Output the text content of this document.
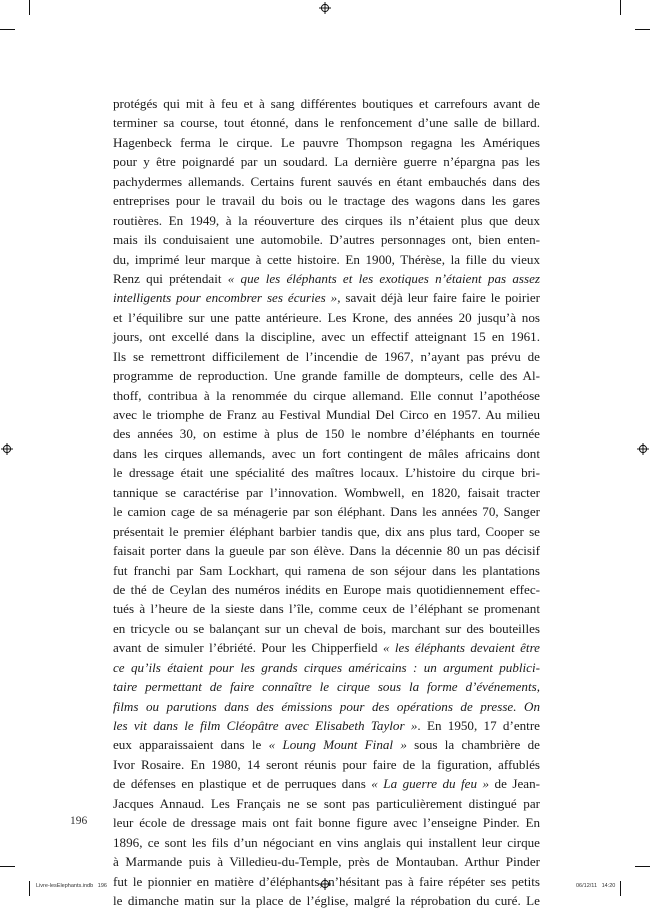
protégés qui mit à feu et à sang différentes boutiques et carrefours avant de
terminer sa course, tout étonné, dans le renfoncement d’une salle de billard.
Hagenbeck ferma le cirque. Le pauvre Thompson regagna les Amériques
pour y être poignardé par un soudard. La dernière guerre n’épargna pas les
pachydermes allemands. Certains furent sauvés en étant embauchés dans des
entreprises pour le travail du bois ou le tractage des wagons dans les gares
routières. En 1949, à la réouverture des cirques ils n’étaient plus que deux
mais ils conduisaient une automobile. D’autres personnages ont, bien enten-
du, imprimé leur marque à cette histoire. En 1900, Thérèse, la fille du vieux
Renz qui prétendait « que les éléphants et les exotiques n’étaient pas assez
intelligents pour encombrer ses écuries », savait déjà leur faire faire le poirier
et l’équilibre sur une patte antérieure. Les Krone, des années 20 jusqu’à nos
jours, ont excellé dans la discipline, avec un effectif atteignant 15 en 1961.
Ils se remettront difficilement de l’incendie de 1967, n’ayant pas prévu de
programme de reproduction. Une grande famille de dompteurs, celle des Al-
thoff, contribua à la renommée du cirque allemand. Elle connut l’apothéose
avec le triomphe de Franz au Festival Mundial Del Circo en 1957. Au milieu
des années 30, on estime à plus de 150 le nombre d’éléphants en tournée
dans les cirques allemands, avec un fort contingent de mâles africains dont
le dressage était une spécialité des maîtres locaux. L’histoire du cirque bri-
tannique se caractérise par l’innovation. Wombwell, en 1820, faisait tracter
le camion cage de sa ménagerie par son éléphant. Dans les années 70, Sanger
présentait le premier éléphant barbier tandis que, dix ans plus tard, Cooper se
faisait porter dans la gueule par son élève. Dans la décennie 80 un pas décisif
fut franchi par Sam Lockhart, qui ramena de son séjour dans les plantations
de thé de Ceylan des numéros inédits en Europe mais quotidiennement effec-
tués à l’heure de la sieste dans l’île, comme ceux de l’éléphant se promenant
en tricycle ou se balançant sur un cheval de bois, marchant sur des bouteilles
avant de simuler l’ébriété. Pour les Chipperfield « les éléphants devaient être
ce qu’ils étaient pour les grands cirques américains : un argument publici-
taire permettant de faire connaître le cirque sous la forme d’événements,
films ou parutions dans des émissions pour des opérations de presse. On
les vit dans le film Cléopâtre avec Elisabeth Taylor ». En 1950, 17 d’entre
eux apparaissaient dans le « Loung Mount Final » sous la chambrière de
Ivor Rosaire. En 1980, 14 seront réunis pour faire de la figuration, affublés
de défenses en plastique et de perruques dans « La guerre du feu » de Jean-
Jacques Annaud. Les Français ne se sont pas particulièrement distingué par
leur école de dressage mais ont fait bonne figure avec l’enseigne Pinder. En
1896, ce sont les fils d’un négociant en vins anglais qui installent leur cirque
à Marmande puis à Villedieu-du-Temple, près de Montauban. Arthur Pinder
fut le pionnier en matière d’éléphants, n’hésitant pas à faire répéter ses petits
le dimanche matin sur la place de l’église, malgré la réprobation du curé. Le
196
Livre-lesElephants.indb   196	06/12/11   14:20
